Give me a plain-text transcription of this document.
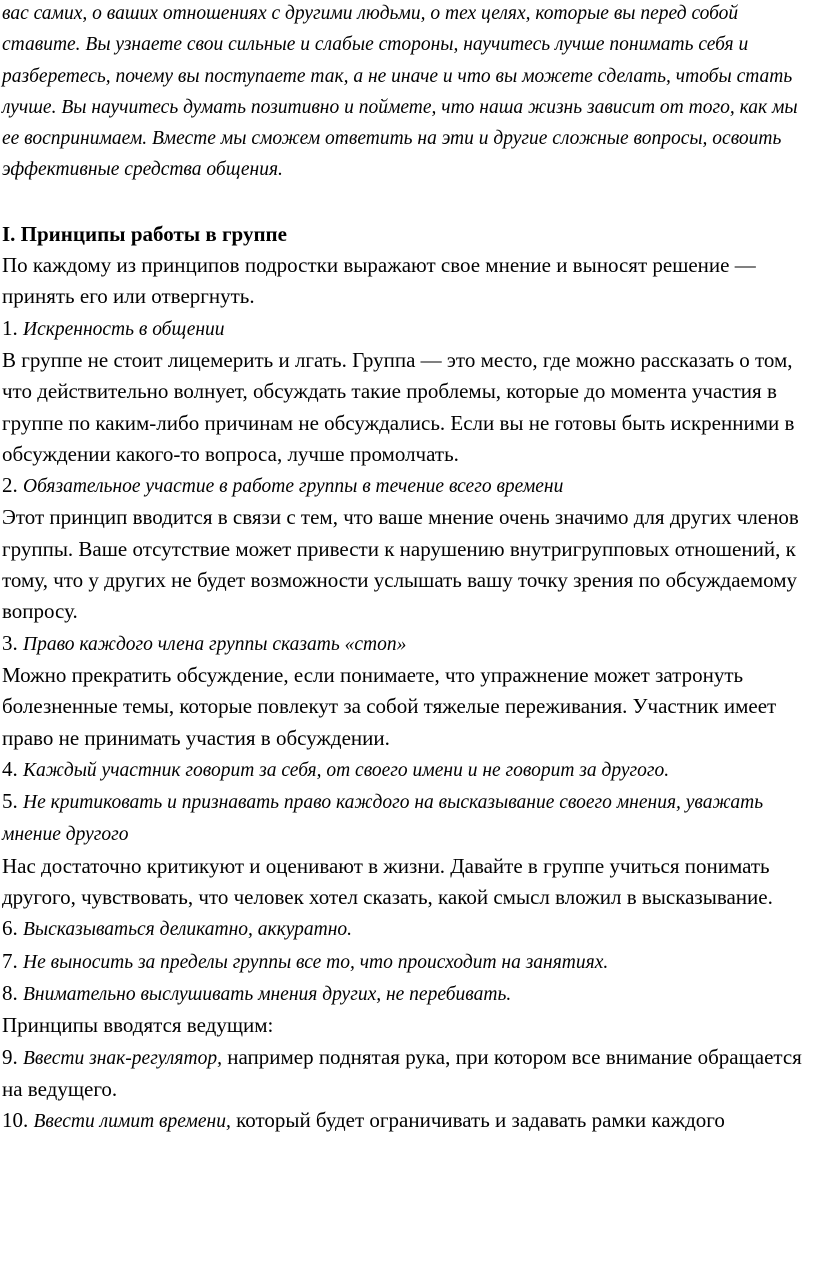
вас самих, о ваших отношениях с другими людьми, о тех целях, которые вы перед собой ставите. Вы узнаете свои сильные и слабые стороны, научитесь лучше понимать себя и разберетесь, почему вы поступаете так, а не иначе и что вы можете сделать, чтобы стать лучше. Вы научитесь думать позитивно и поймете, что наша жизнь зависит от того, как мы ее воспринимаем. Вместе мы сможем ответить на эти и другие сложные вопросы, освоить эффективные средства общения.

I. Принципы работы в группе

По каждому из принципов подростки выражают свое мнение и выносят решение — принять его или отвергнуть.

1. Искренность в общении

В группе не стоит лицемерить и лгать. Группа — это место, где можно рассказать о том, что действительно волнует, обсуждать такие проблемы, которые до момента участия в группе по каким-либо причинам не обсуждались. Если вы не готовы быть искренними в обсуждении какого-то вопроса, лучше промолчать.

2. Обязательное участие в работе группы в течение всего времени

Этот принцип вводится в связи с тем, что ваше мнение очень значимо для других членов группы. Ваше отсутствие может привести к нарушению внутригрупповых отношений, к тому, что у других не будет возможности услышать вашу точку зрения по обсуждаемому вопросу.

3. Право каждого члена группы сказать «стоп»

Можно прекратить обсуждение, если понимаете, что упражнение может затронуть болезненные темы, которые повлекут за собой тяжелые переживания. Участник имеет право не принимать участия в обсуждении.

4. Каждый участник говорит за себя, от своего имени и не говорит за другого.

5. Не критиковать и признавать право каждого на высказывание своего мнения, уважать мнение другого

Нас достаточно критикуют и оценивают в жизни. Давайте в группе учиться понимать другого, чувствовать, что человек хотел сказать, какой смысл вложил в высказывание.

6. Высказываться деликатно, аккуратно.

7. Не выносить за пределы группы все то, что происходит на занятиях.

8. Внимательно выслушивать мнения других, не перебивать.

Принципы вводятся ведущим:

9. Ввести знак-регулятор, например поднятая рука, при котором все внимание обращается на ведущего.

10. Ввести лимит времени, который будет ограничивать и задавать рамки каждого
